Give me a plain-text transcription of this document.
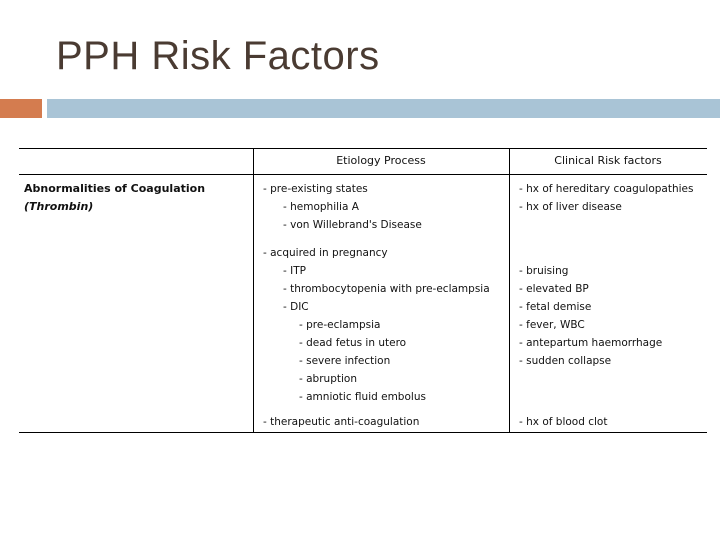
PPH Risk Factors
Etiology Process	Clinical Risk factors
Abnormalities of Coagulation
(Thrombin)
- pre-existing states
- hemophilia A
- von Willebrand's Disease
- acquired in pregnancy
- ITP
- thrombocytopenia with pre-eclampsia
- DIC
- pre-eclampsia
- dead fetus in utero
- severe infection
- abruption
- amniotic fluid embolus
- therapeutic anti-coagulation
- hx of hereditary coagulopathies
- hx of liver disease
- bruising
- elevated BP
- fetal demise
- fever, WBC
- antepartum haemorrhage
- sudden collapse
- hx of blood clot
